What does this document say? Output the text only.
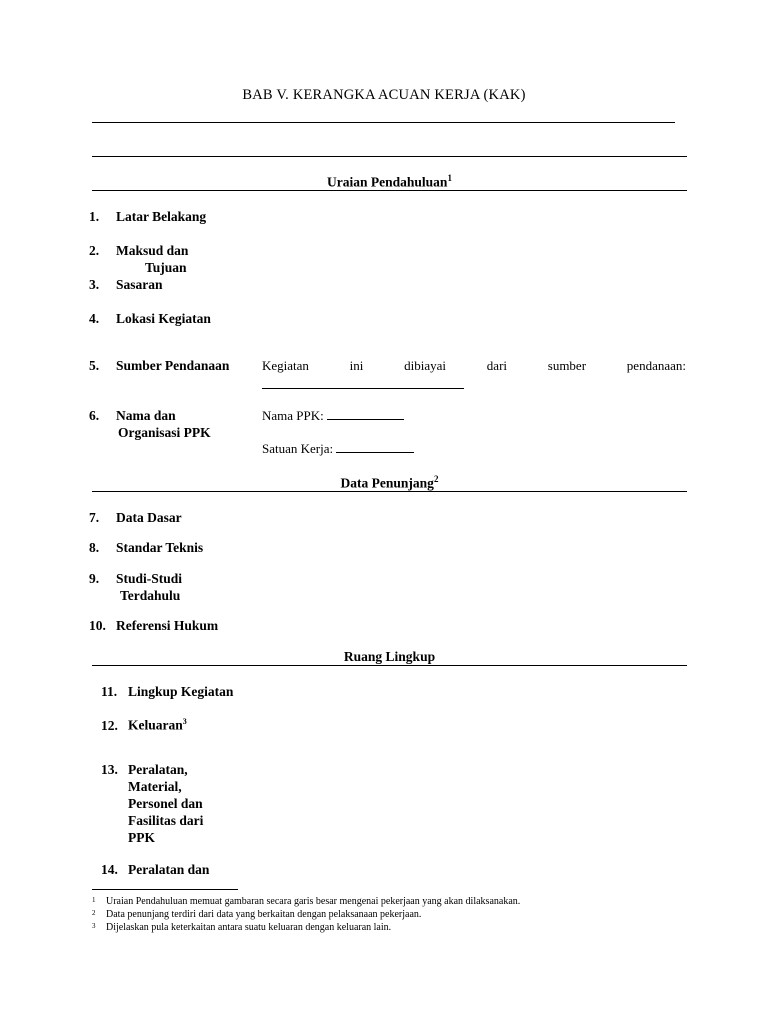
BAB V. KERANGKA ACUAN KERJA (KAK)
Uraian Pendahuluan$^1$
1. Latar Belakang
2. Maksud dan
Tujuan
3. Sasaran
4. Lokasi Kegiatan
5. Sumber Pendanaan	Kegiatan	ini	dibiayai	dari	sumber	pendanaan:
6. Nama dan
Organisasi PPK
Nama PPK:
Satuan Kerja:
Data Penunjang$^2$
7. Data Dasar
8. Standar Teknis
9. Studi-Studi
Terdahulu
10. Referensi Hukum
Ruang Lingkup
11. Lingkup Kegiatan
12. Keluaran$^3$
13. Peralatan,
Material,
Personel dan
Fasilitas dari
PPK
14. Peralatan dan
$^1$ Uraian Pendahuluan memuat gambaran secara garis besar mengenai pekerjaan yang akan dilaksanakan.
$^2$ Data penunjang terdiri dari data yang berkaitan dengan pelaksanaan pekerjaan.
$^3$ Dijelaskan pula keterkaitan antara suatu keluaran dengan keluaran lain.
